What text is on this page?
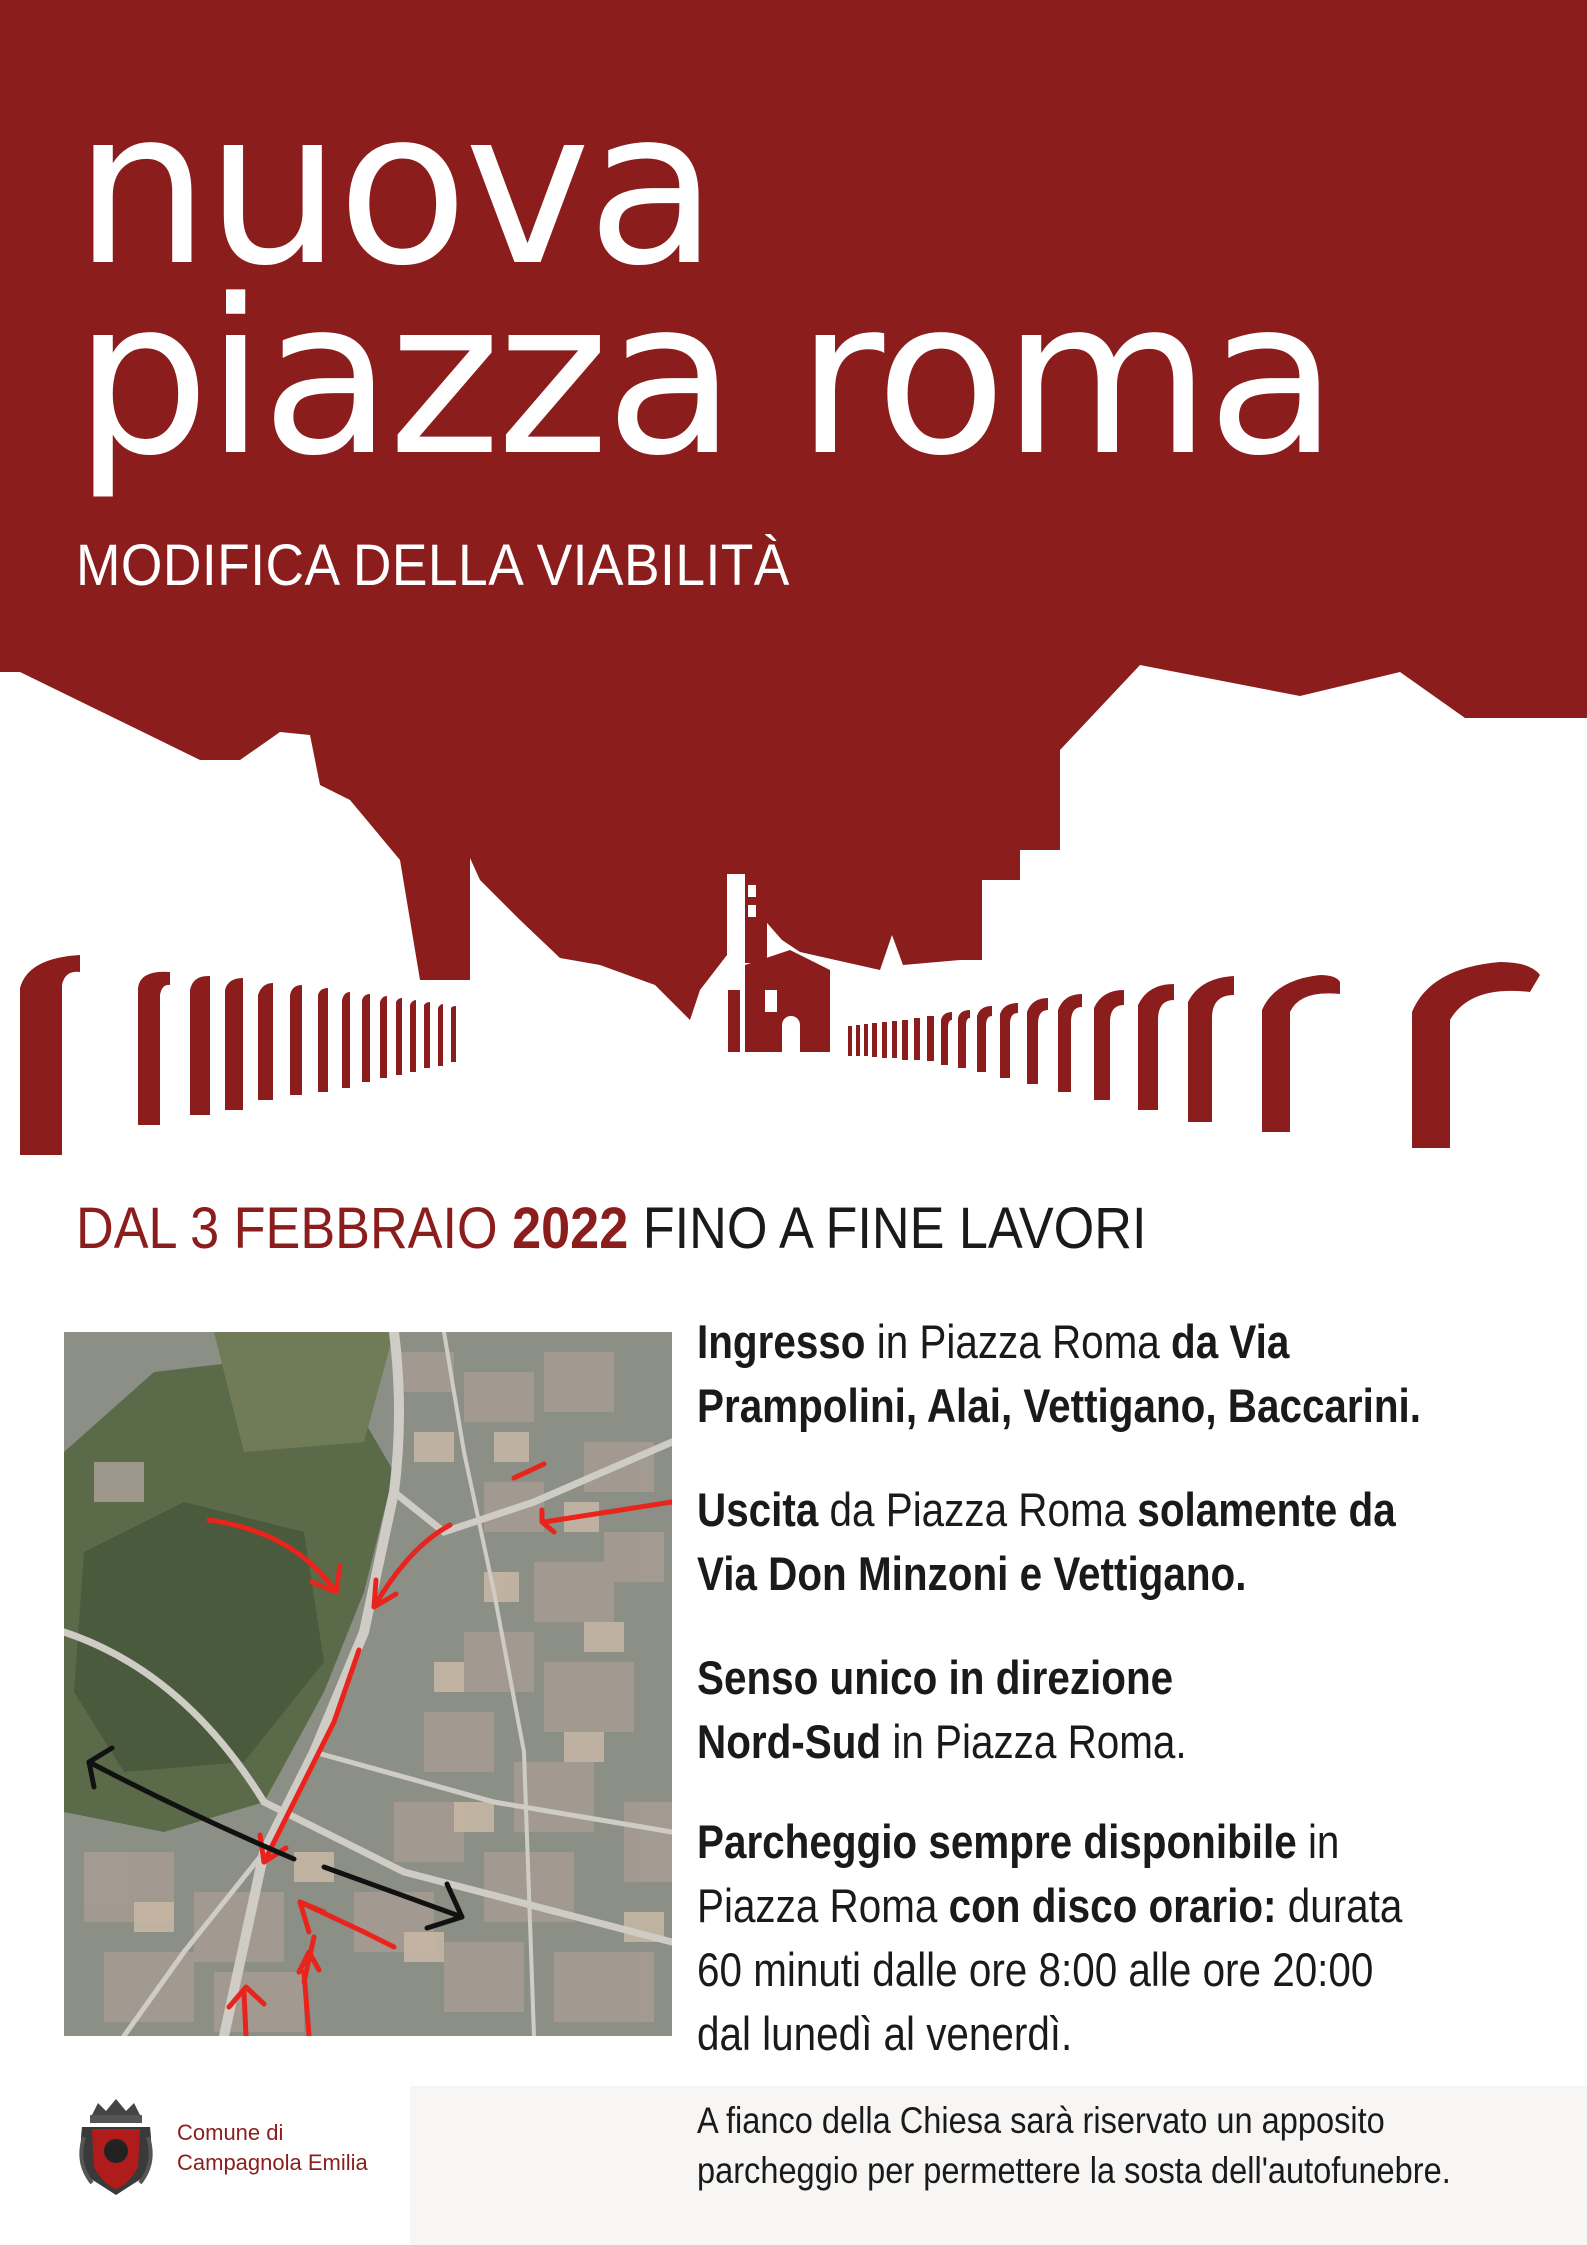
nuova
piazza roma
MODIFICA DELLA VIABILITÀ
DAL 3 FEBBRAIO 2022 FINO A FINE LAVORI
Ingresso in Piazza Roma da Via
Prampolini, Alai, Vettigano, Baccarini.
Uscita da Piazza Roma solamente da
Via Don Minzoni e Vettigano.
Senso unico in direzione
Nord-Sud in Piazza Roma.
Parcheggio sempre disponibile in
Piazza Roma con disco orario: durata
60 minuti dalle ore 8:00 alle ore 20:00
dal lunedì al venerdì.
A fianco della Chiesa sarà riservato un apposito
parcheggio per permettere la sosta dell'autofunebre.
Comune di
Campagnola Emilia
